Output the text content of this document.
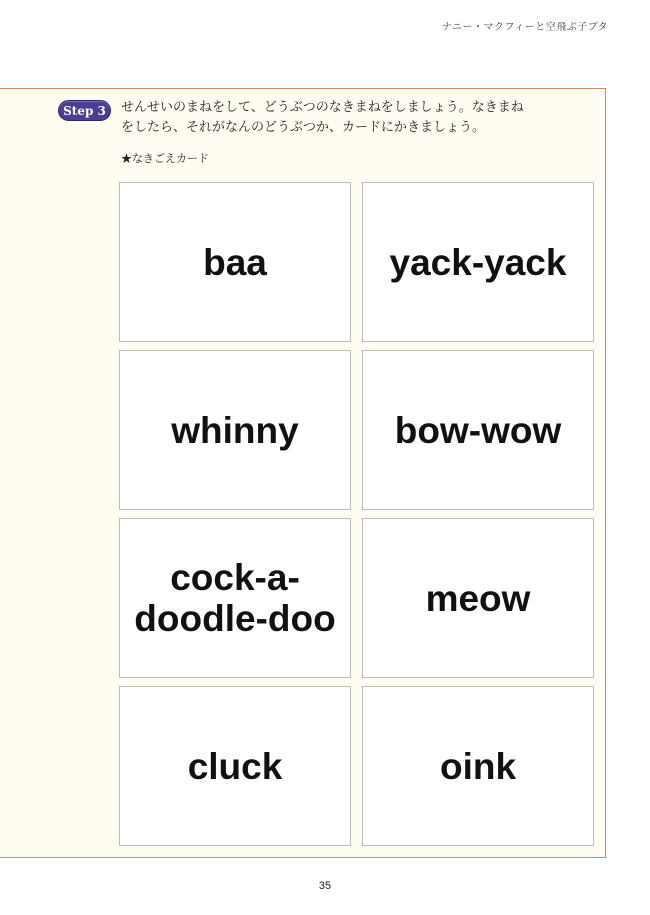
ナニー・マクフィーと空飛ぶ子ブタ
Step 3	せんせいのまねをして、どうぶつのなきまねをしましょう。なきまね
をしたら、それがなんのどうぶつか、カードにかきましょう。

★なきごえカード
baa	yack-yack
whinny	bow-wow
cock-a-doodle-doo	meow
cluck	oink
35
